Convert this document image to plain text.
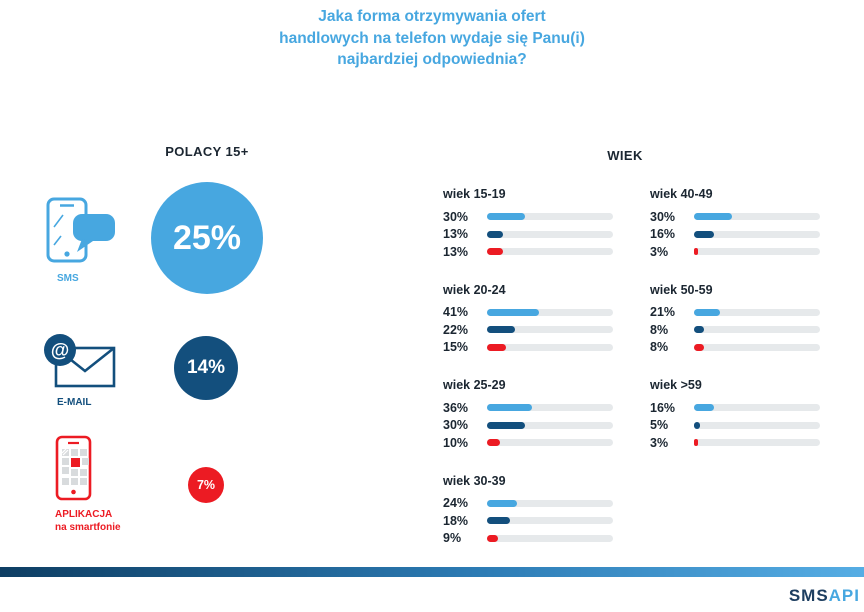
Jaka forma otrzymywania ofert
handlowych na telefon wydaje się Panu(i)
najbardziej odpowiednia?
POLACY 15+	WIEK
SMS
25%
@
E-MAIL
14%
APLIKACJA
na smartfonie
7%
wiek 15-19
30%
13%
13%
wiek 20-24
41%
22%
15%
wiek 25-29
36%
30%
10%
wiek 30-39
24%
18%
9%
wiek 40-49
30%
16%
3%
wiek 50-59
21%
8%
8%
wiek >59
16%
5%
3%
SMSAPI
